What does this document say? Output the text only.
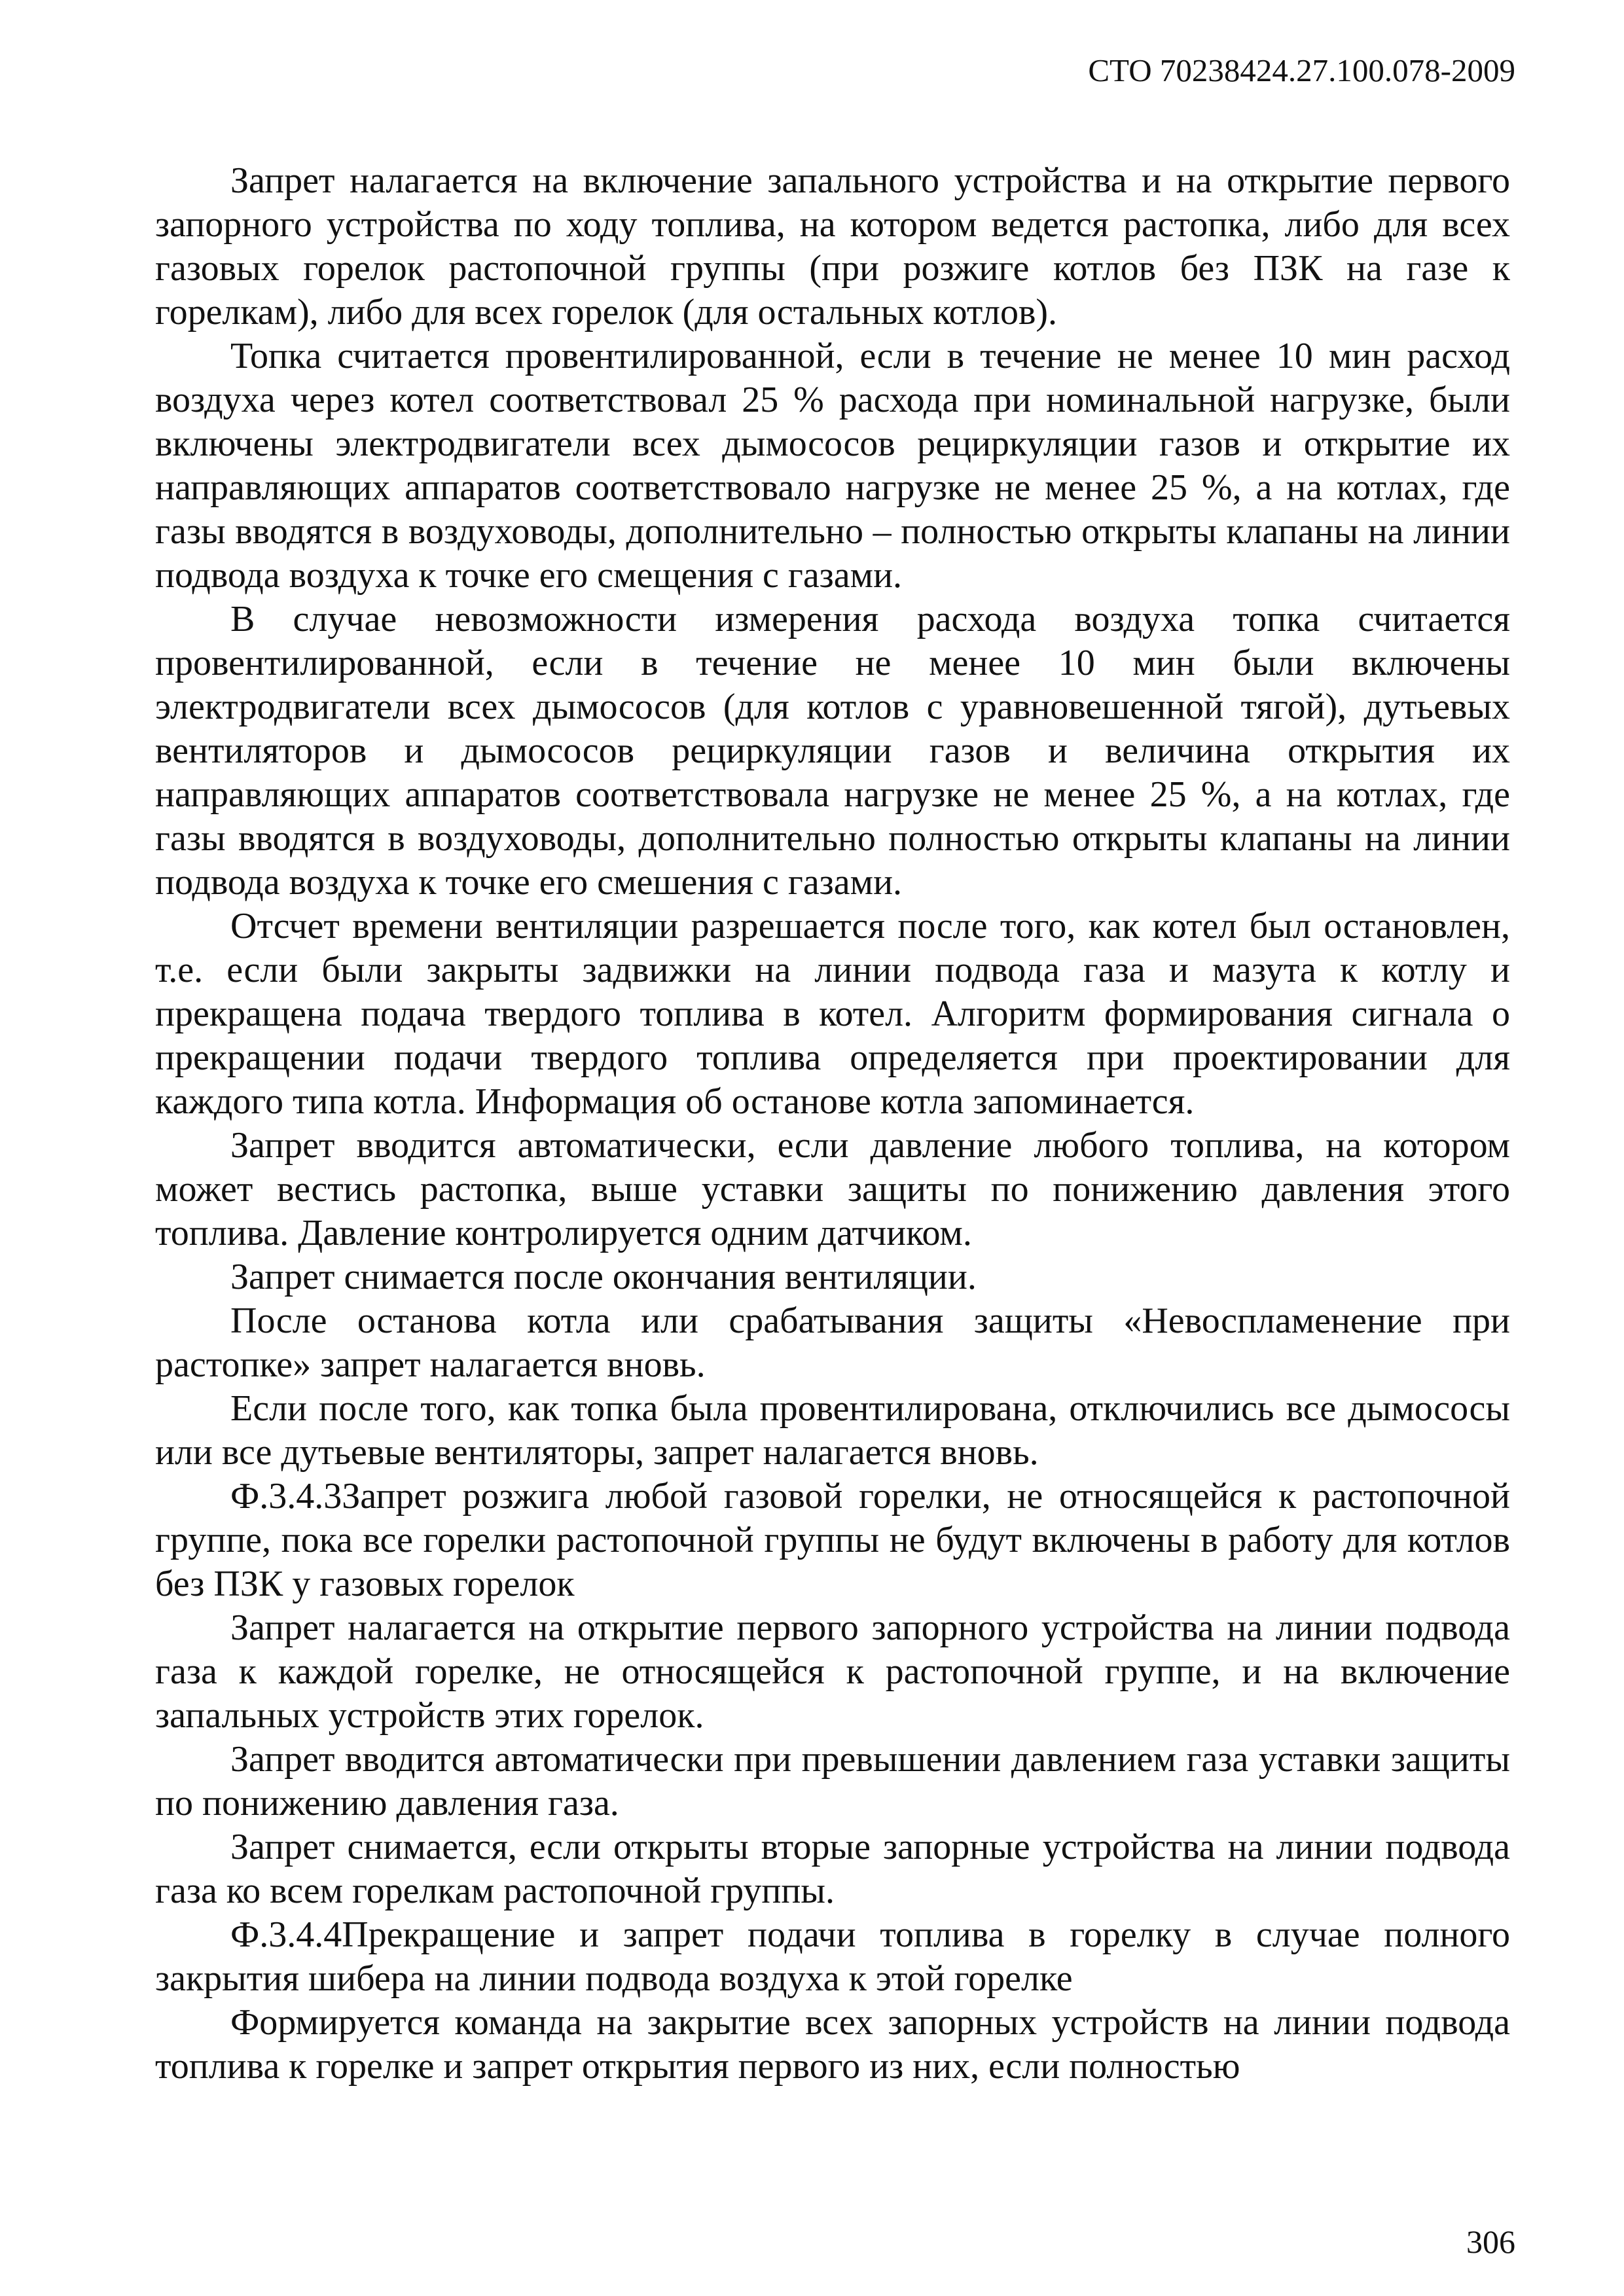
СТО 70238424.27.100.078-2009

Запрет налагается на включение запального устройства и на открытие первого запорного устройства по ходу топлива, на котором ведется растопка, либо для всех газовых горелок растопочной группы (при розжиге котлов без ПЗК на газе к горелкам), либо для всех горелок (для остальных котлов).

Топка считается провентилированной, если в течение не менее 10 мин расход воздуха через котел соответствовал 25 % расхода при номинальной нагрузке, были включены электродвигатели всех дымососов рециркуляции газов и открытие их направляющих аппаратов соответствовало нагрузке не менее 25 %, а на котлах, где газы вводятся в воздуховоды, дополнительно – полностью открыты клапаны на линии подвода воздуха к точке его смещения с газами.

В случае невозможности измерения расхода воздуха топка считается провентилированной, если в течение не менее 10 мин были включены электродвигатели всех дымососов (для котлов с уравновешенной тягой), дутьевых вентиляторов и дымососов рециркуляции газов и величина открытия их направляющих аппаратов соответствовала нагрузке не менее 25 %, а на котлах, где газы вводятся в воздуховоды, дополнительно полностью открыты клапаны на линии подвода воздуха к точке его смешения с газами.

Отсчет времени вентиляции разрешается после того, как котел был остановлен, т.е. если были закрыты задвижки на линии подвода газа и мазута к котлу и прекращена подача твердого топлива в котел. Алгоритм формирования сигнала о прекращении подачи твердого топлива определяется при проектировании для каждого типа котла. Информация об останове котла запоминается.

Запрет вводится автоматически, если давление любого топлива, на котором может вестись растопка, выше уставки защиты по понижению давления этого топлива. Давление контролируется одним датчиком.

Запрет снимается после окончания вентиляции.

После останова котла или срабатывания защиты «Невоспламенение при растопке» запрет налагается вновь.

Если после того, как топка была провентилирована, отключились все дымососы или все дутьевые вентиляторы, запрет налагается вновь.

Ф.3.4.3Запрет розжига любой газовой горелки, не относящейся к растопочной группе, пока все горелки растопочной группы не будут включены в работу для котлов без ПЗК у газовых горелок

Запрет налагается на открытие первого запорного устройства на линии подвода газа к каждой горелке, не относящейся к растопочной группе, и на включение запальных устройств этих горелок.

Запрет вводится автоматически при превышении давлением газа уставки защиты по понижению давления газа.

Запрет снимается, если открыты вторые запорные устройства на линии подвода газа ко всем горелкам растопочной группы.

Ф.3.4.4Прекращение и запрет подачи топлива в горелку в случае полного закрытия шибера на линии подвода воздуха к этой горелке

Формируется команда на закрытие всех запорных устройств на линии подвода топлива к горелке и запрет открытия первого из них, если полностью

306
